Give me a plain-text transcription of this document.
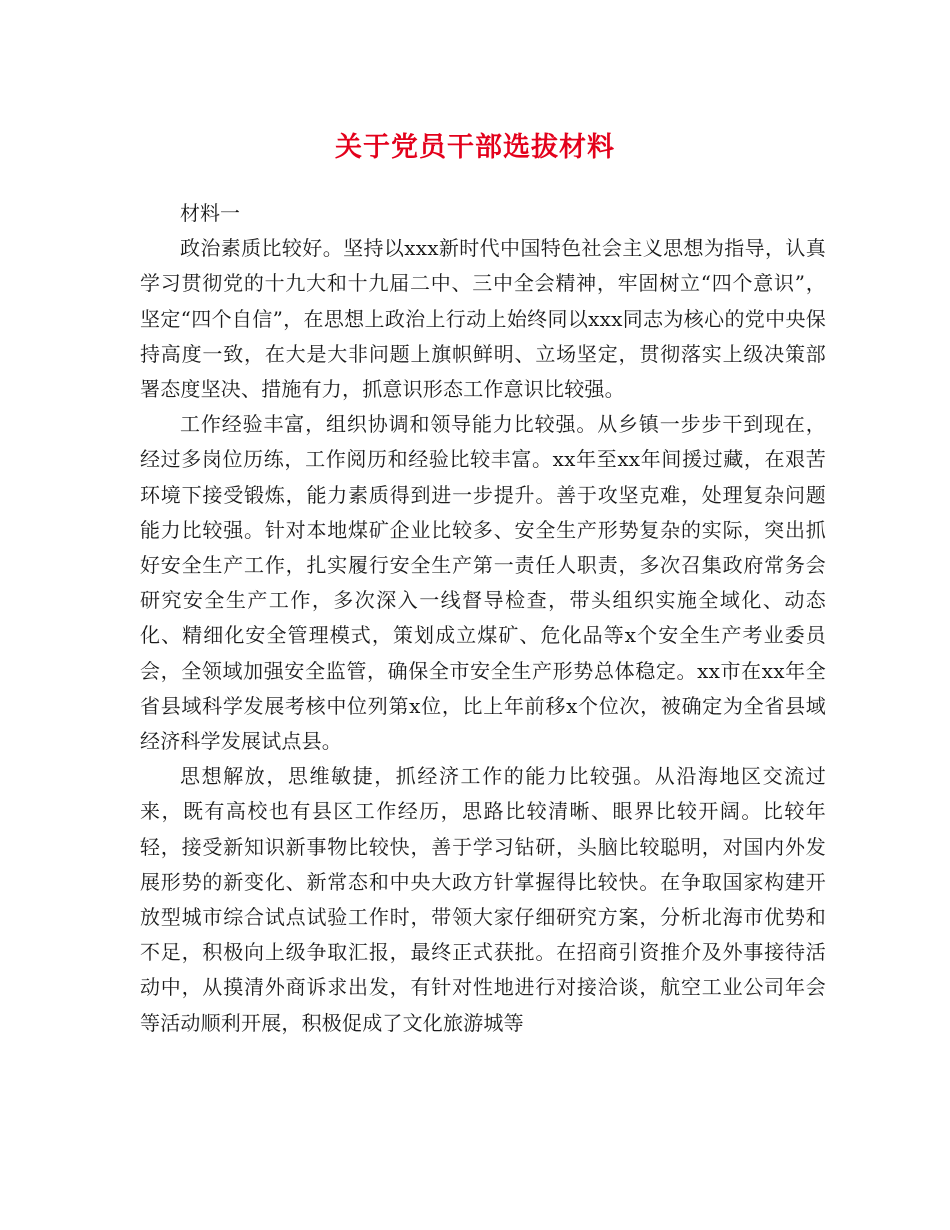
关于党员干部选拔材料

材料一

政治素质比较好。坚持以xxx新时代中国特色社会主义思想为指导，认真学习贯彻党的十九大和十九届二中、三中全会精神，牢固树立“四个意识”，坚定“四个自信”，在思想上政治上行动上始终同以xxx同志为核心的党中央保持高度一致，在大是大非问题上旗帜鲜明、立场坚定，贯彻落实上级决策部署态度坚决、措施有力，抓意识形态工作意识比较强。

工作经验丰富，组织协调和领导能力比较强。从乡镇一步步干到现在，经过多岗位历练，工作阅历和经验比较丰富。xx年至xx年间援过藏，在艰苦环境下接受锻炼，能力素质得到进一步提升。善于攻坚克难，处理复杂问题能力比较强。针对本地煤矿企业比较多、安全生产形势复杂的实际，突出抓好安全生产工作，扎实履行安全生产第一责任人职责，多次召集政府常务会研究安全生产工作，多次深入一线督导检查，带头组织实施全域化、动态化、精细化安全管理模式，策划成立煤矿、危化品等x个安全生产考业委员会，全领域加强安全监管，确保全市安全生产形势总体稳定。xx市在xx年全省县域科学发展考核中位列第x位，比上年前移x个位次，被确定为全省县域经济科学发展试点县。

思想解放，思维敏捷，抓经济工作的能力比较强。从沿海地区交流过来，既有高校也有县区工作经历，思路比较清晰、眼界比较开阔。比较年轻，接受新知识新事物比较快，善于学习钻研，头脑比较聪明，对国内外发展形势的新变化、新常态和中央大政方针掌握得比较快。在争取国家构建开放型城市综合试点试验工作时，带领大家仔细研究方案，分析北海市优势和不足，积极向上级争取汇报，最终正式获批。在招商引资推介及外事接待活动中，从摸清外商诉求出发，有针对性地进行对接洽谈，航空工业公司年会等活动顺利开展，积极促成了文化旅游城等
